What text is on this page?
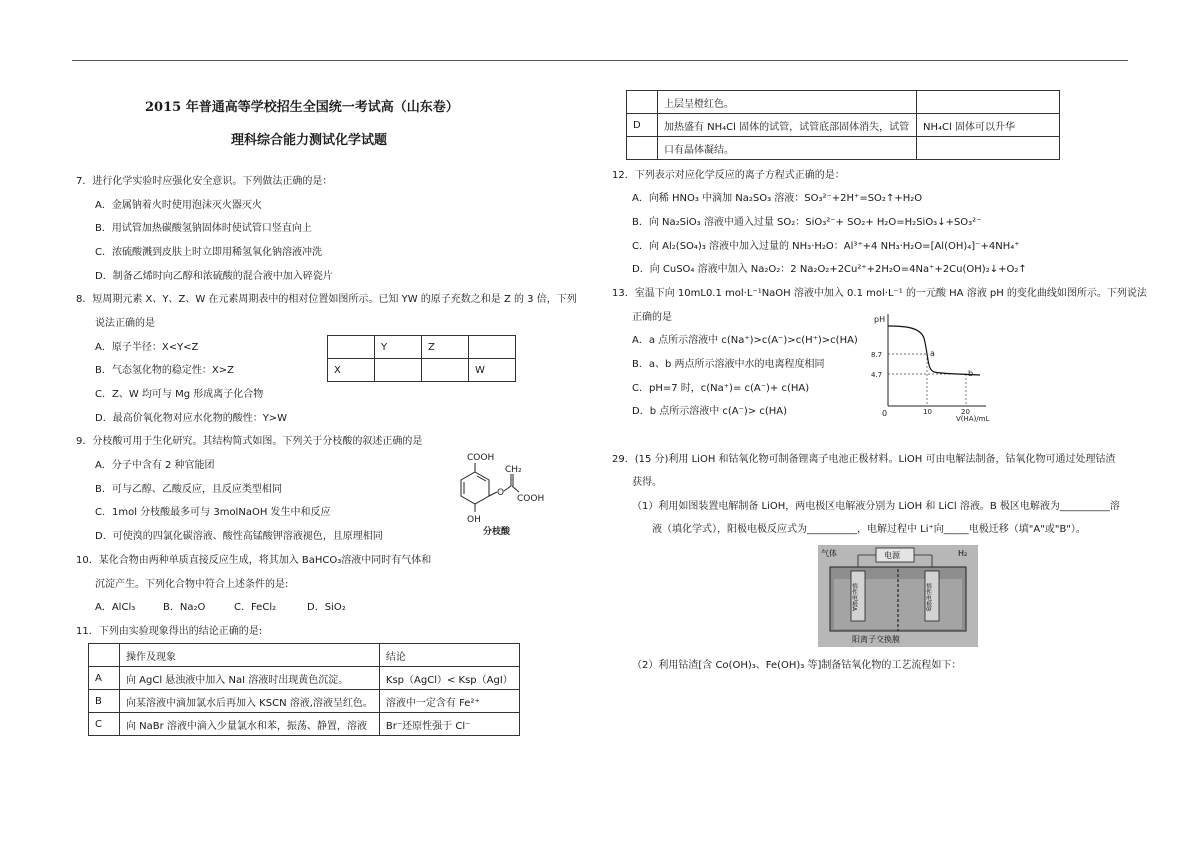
2015 年普通高等学校招生全国统一考试高（山东卷）
理科综合能力测试化学试题
7．进行化学实验时应强化安全意识。下列做法正确的是：
A．金属钠着火时使用泡沫灭火器灭火
B．用试管加热碳酸氢钠固体时使试管口竖直向上
C．浓硫酸溅到皮肤上时立即用稀氢氧化钠溶液冲洗
D．制备乙烯时向乙醇和浓硫酸的混合液中加入碎瓷片
8．短周期元素 X、Y、Z、W 在元素周期表中的相对位置如图所示。已知 YW 的原子充数之和是 Z 的 3 倍，下列
说法正确的是
A．原子半径：X<Y<Z
B．气态氢化物的稳定性：X>Z
C．Z、W 均可与 Mg 形成离子化合物
D．最高价氧化物对应水化物的酸性：Y>W
	Y	Z	
X			W
9．分枝酸可用于生化研究。其结构简式如图。下列关于分枝酸的叙述正确的是
A．分子中含有 2 种官能团
B．可与乙醇、乙酸反应，且反应类型相同
C．1mol 分枝酸最多可与 3molNaOH 发生中和反应
D．可使溴的四氯化碳溶液、酸性高锰酸钾溶液褪色，且原理相同
COOH
O
CH₂
COOH
OH
分枝酸
10．某化合物由两种单质直接反应生成，将其加入 BaHCO₃溶液中同时有气体和
沉淀产生。下列化合物中符合上述条件的是:
A．AlCl₃	B．Na₂O	C．FeCl₂	D．SiO₂
11．下列由实验现象得出的结论正确的是:
	操作及现象	结论
A	向 AgCl 悬浊液中加入 NaI 溶液时出现黄色沉淀。	Ksp（AgCl）< Ksp（AgI）
B	向某溶液中滴加氯水后再加入 KSCN 溶液,溶液呈红色。	溶液中一定含有 Fe²⁺
C	向 NaBr 溶液中滴入少量氯水和苯，振荡、静置，溶液	Br⁻还原性强于 Cl⁻
	上层呈橙红色。	
D	加热盛有 NH₄Cl 固体的试管，试管底部固体消失，试管	NH₄Cl 固体可以升华
	口有晶体凝结。	
12．下列表示对应化学反应的离子方程式正确的是：
A．向稀 HNO₃ 中滴加 Na₂SO₃ 溶液：SO₃²⁻+2H⁺=SO₂↑+H₂O
B．向 Na₂SiO₃ 溶液中通入过量 SO₂：SiO₃²⁻+ SO₂+ H₂O=H₂SiO₃↓+SO₃²⁻
C．向 Al₂(SO₄)₃ 溶液中加入过量的 NH₃·H₂O：Al³⁺+4 NH₃·H₂O=[Al(OH)₄]⁻+4NH₄⁺
D．向 CuSO₄ 溶液中加入 Na₂O₂：2 Na₂O₂+2Cu²⁺+2H₂O=4Na⁺+2Cu(OH)₂↓+O₂↑
13．室温下向 10mL0.1 mol·L⁻¹NaOH 溶液中加入 0.1 mol·L⁻¹ 的一元酸 HA 溶液 pH 的变化曲线如图所示。下列说法
正确的是
A．a 点所示溶液中 c(Na⁺)>c(A⁻)>c(H⁺)>c(HA)
B．a、b 两点所示溶液中水的电离程度相同
C．pH=7 时，c(Na⁺)= c(A⁻)+ c(HA)
D．b 点所示溶液中 c(A⁻)> c(HA)
pH
0
8.7
4.7
a
b
10	20
V(HA)/mL
29．(15 分)利用 LiOH 和钴氧化物可制备锂离子电池正极材料。LiOH 可由电解法制备，钴氧化物可通过处理钴渣
获得。
（1）利用如图装置电解制备 LiOH，两电极区电解液分别为 LiOH 和 LiCl 溶液。B 极区电解液为__________溶
液（填化学式），阳极电极反应式为__________，电解过程中 Li⁺向_____电极迁移（填"A"或"B"）。
气体	H₂
电源
惰性电极A	惰性电极B
阳离子交换膜
（2）利用钴渣[含 Co(OH)₃、Fe(OH)₃ 等]制备钴氧化物的工艺流程如下：
